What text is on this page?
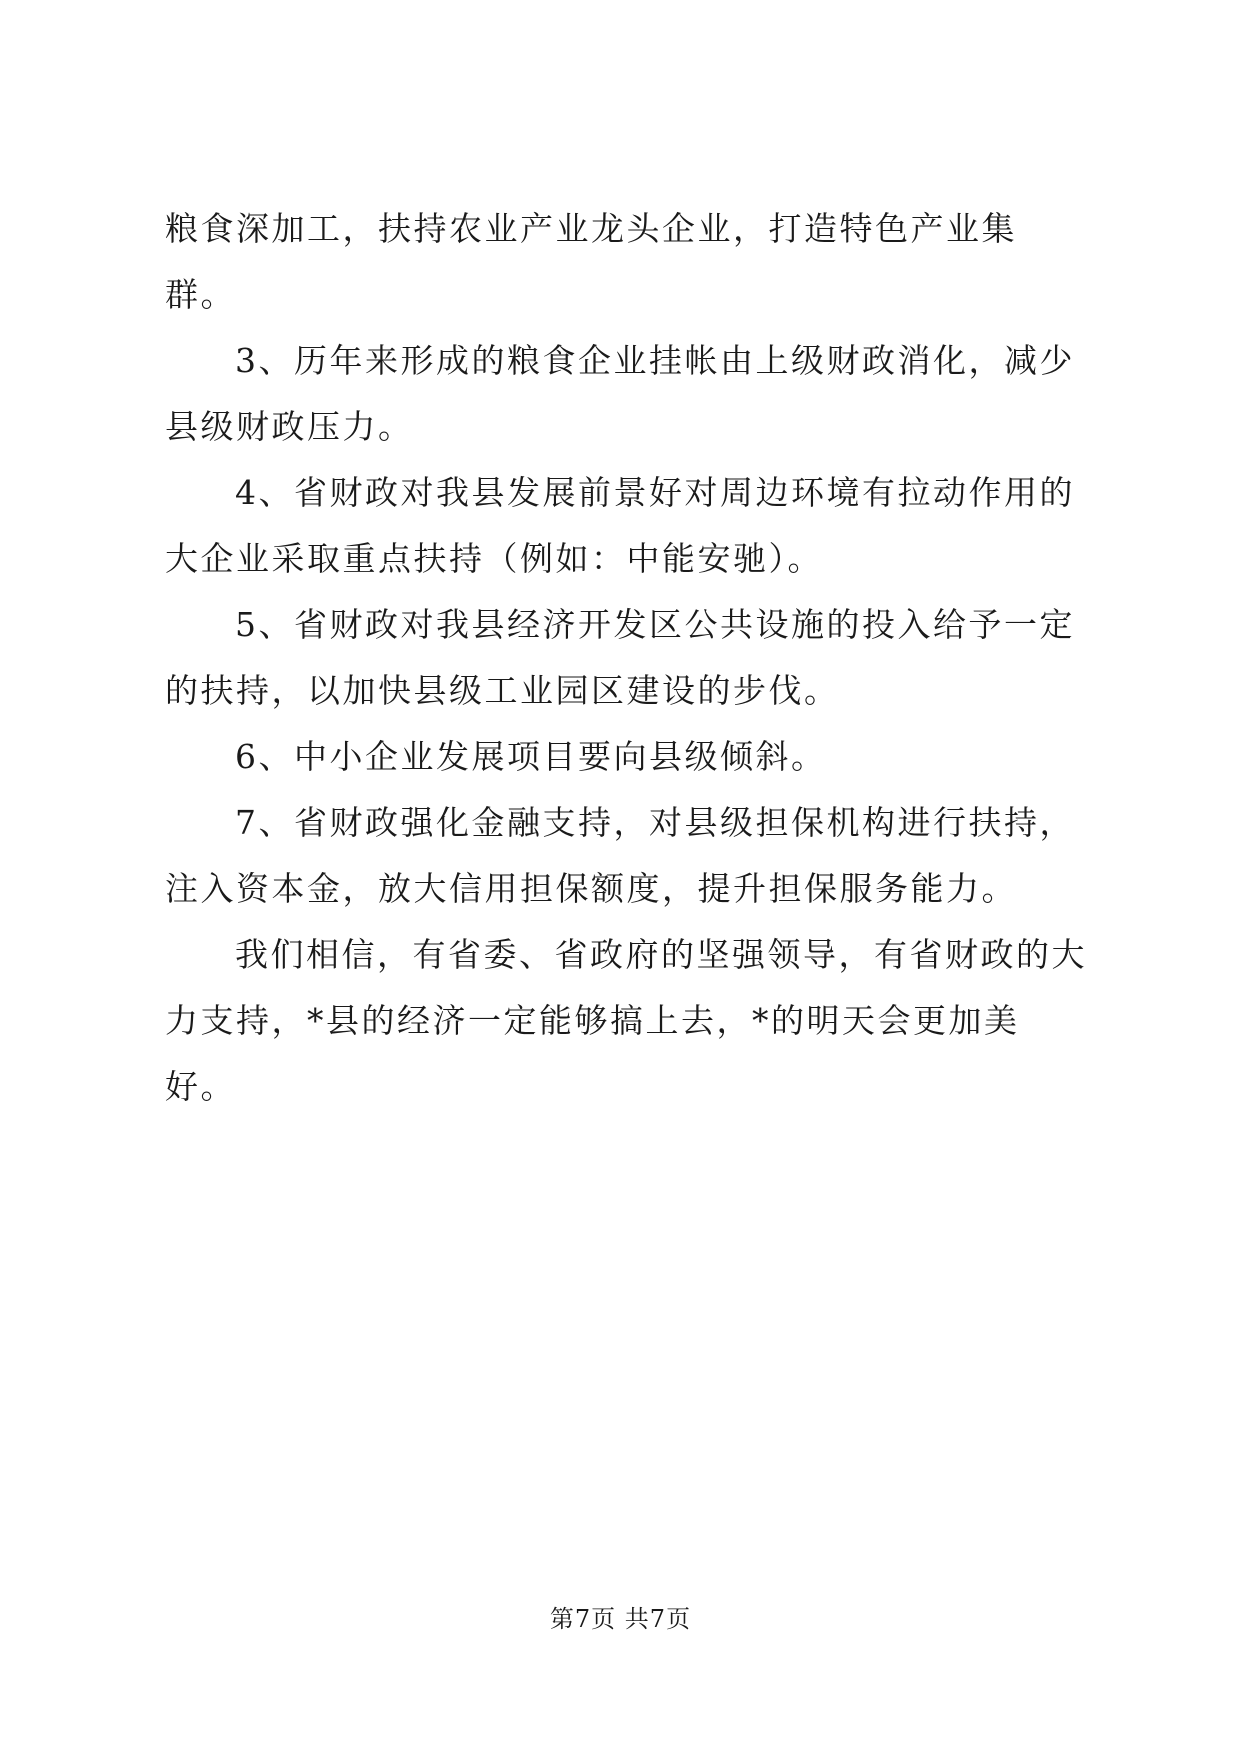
粮食深加工，扶持农业产业龙头企业，打造特色产业集群。

3、历年来形成的粮食企业挂帐由上级财政消化，减少县级财政压力。

4、省财政对我县发展前景好对周边环境有拉动作用的大企业采取重点扶持（例如：中能安驰）。

5、省财政对我县经济开发区公共设施的投入给予一定的扶持，以加快县级工业园区建设的步伐。

6、中小企业发展项目要向县级倾斜。

7、省财政强化金融支持，对县级担保机构进行扶持，注入资本金，放大信用担保额度，提升担保服务能力。

我们相信，有省委、省政府的坚强领导，有省财政的大力支持，*县的经济一定能够搞上去，*的明天会更加美好。

第7页 共7页
